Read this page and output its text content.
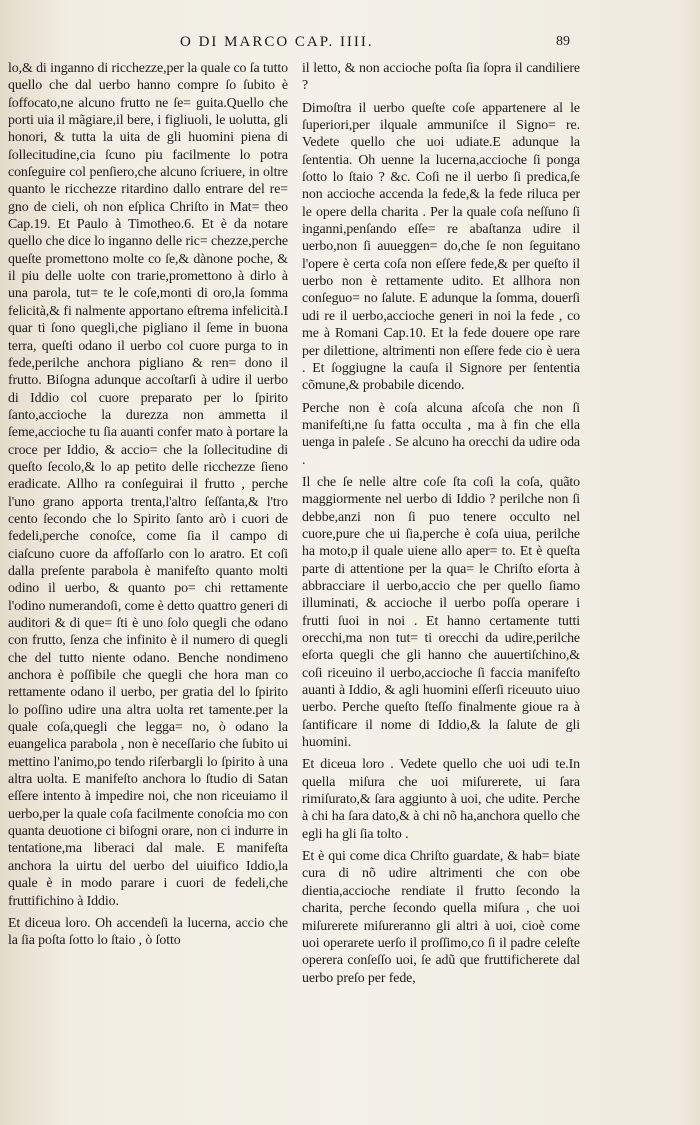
O DI MARCO CAP. IIII.	89

lo,& di inganno di ricchezze,per la quale co ſa tutto quello che dal uerbo hanno compre ſo ſubito è ſoffocato,ne alcuno frutto ne ſe= guita.Quello che porti uia il mãgiare,il bere, i figliuoli, le uolutta, gli honori, & tutta la uita de gli huomini piena di ſollecitudine,cia ſcuno piu facilmente lo potra conſeguire col penſiero,che alcuno ſcriuere, in oltre quanto le ricchezze ritardino dallo entrare del re= gno de cieli, oh non eſplica Chriſto in Mat= theo Cap.19. Et Paulo à Timotheo.6. Et è da notare quello che dice lo inganno delle ric= chezze,perche queſte promettono molte co ſe,& dànone poche, & il piu delle uolte con trarie,promettono à dirlo à una parola, tut= te le coſe,monti di oro,la ſomma felicità,& fi nalmente apportano eſtrema infelicità.I quar ti ſono quegli,che pigliano il ſeme in buona terra, queſti odano il uerbo col cuore purga to in fede,perilche anchora pigliano & ren= dono il frutto. Biſogna adunque accoſtarſi à udire il uerbo di Iddio col cuore preparato per lo ſpirito ſanto,accioche la durezza non ammetta il ſeme,accioche tu ſia auanti confer mato à portare la croce per Iddio, & accio= che la ſollecitudine di queſto ſecolo,& lo ap petito delle ricchezze ſieno eradicate. Allho ra conſeguirai il frutto , perche l'uno grano apporta trenta,l'altro ſeſſanta,& l'tro cento ſecondo che lo Spirito ſanto arò i cuori de fedeli,perche conoſce, come ſia il campo di ciaſcuno cuore da affoſſarlo con lo aratro. Et coſi dalla preſente parabola è manifeſto quanto molti odino il uerbo, & quanto po= chi rettamente l'odino numerandoſi, come è detto quattro generi di auditori & di que= ſti è uno ſolo quegli che odano con frutto, ſenza che infinito è il numero di quegli che del tutto niente odano. Benche nondimeno anchora è poſſibile che quegli che hora man co rettamente odano il uerbo, per gratia del lo ſpirito lo poſſino udire una altra uolta ret tamente.per la quale coſa,quegli che legga= no, ò odano la euangelica parabola , non è neceſſario che ſubito ui mettino l'animo,po tendo riſerbargli lo ſpirito à una altra uolta. E manifeſto anchora lo ſtudio di Satan eſſere intento à impedire noi, che non riceuiamo il uerbo,per la quale coſa facilmente conoſcia mo con quanta deuotione ci biſogni orare, non ci indurre in tentatione,ma liberaci dal male. E manifeſta anchora la uirtu del uerbo del uiuifico Iddio,la quale è in modo parare i cuori de fedeli,che fruttifichino à Iddio.

Et diceua loro. Oh accendeſi la lucerna, accio che la ſia poſta ſotto lo ſtaio , ò ſotto

il letto, & non accioche poſta ſia ſopra il candiliere ?

Dimoſtra il uerbo queſte coſe appartenere al le ſuperiori,per ilquale ammuniſce il Signo= re. Vedete quello che uoi udiate.E adunque la ſententia. Oh uenne la lucerna,accioche ſi ponga ſotto lo ſtaio ? &c. Coſi ne il uerbo ſi predica,ſe non accioche accenda la fede,& la fede riluca per le opere della charita . Per la quale coſa neſſuno ſi inganni,penſando eſſe= re abaſtanza udire il uerbo,non ſi auueggen= do,che ſe non ſeguitano l'opere è certa coſa non eſſere fede,& per queſto il uerbo non è rettamente udito. Et allhora non conſeguo= no ſalute. E adunque la ſomma, douerſi udi re il uerbo,accioche generi in noi la fede , co me à Romani Cap.10. Et la fede douere ope rare per dilettione, altrimenti non eſſere fede cio è uera . Et ſoggiugne la cauſa il Signore per ſententia cõmune,& probabile dicendo.

Perche non è coſa alcuna aſcoſa che non ſi manifeſti,ne ſu fatta occulta , ma à fin che ella uenga in paleſe . Se alcuno ha orecchi da udire oda .

Il che ſe nelle altre coſe ſta coſi la coſa, quãto maggiormente nel uerbo di Iddio ? perilche non ſi debbe,anzi non ſi puo tenere occulto nel cuore,pure che ui ſia,perche è coſa uiua, perilche ha moto,p il quale uiene allo aper= to. Et è queſta parte di attentione per la qua= le Chriſto eſorta à abbracciare il uerbo,accio che per quello ſiamo illuminati, & accioche il uerbo poſſa operare i frutti ſuoi in noi . Et hanno certamente tutti orecchi,ma non tut= ti orecchi da udire,perilche eſorta quegli che gli hanno che auuertiſchino,& coſi riceuino il uerbo,accioche ſi faccia manifeſto auanti à Iddio, & agli huomini eſſerſi riceuuto uiuo uerbo. Perche queſto ſteſſo finalmente gioue ra à ſantificare il nome di Iddio,& la ſalute de gli huomini.

Et diceua loro . Vedete quello che uoi udi te.In quella miſura che uoi miſurerete, ui ſara rimiſurato,& ſara aggiunto à uoi, che udite. Perche à chi ha ſara dato,& à chi nõ ha,anchora quello che egli ha gli ſia tolto .

Et è qui come dica Chriſto guardate, & hab= biate cura di nõ udire altrimenti che con obe dientia,accioche rendiate il frutto ſecondo la charita, perche ſecondo quella miſura , che uoi miſurerete miſureranno gli altri à uoi, cioè come uoi operarete uerſo il proſſimo,co ſi il padre celeſte operera conſeſſo uoi, ſe adũ que fruttificherete dal uerbo preſo per fede,
